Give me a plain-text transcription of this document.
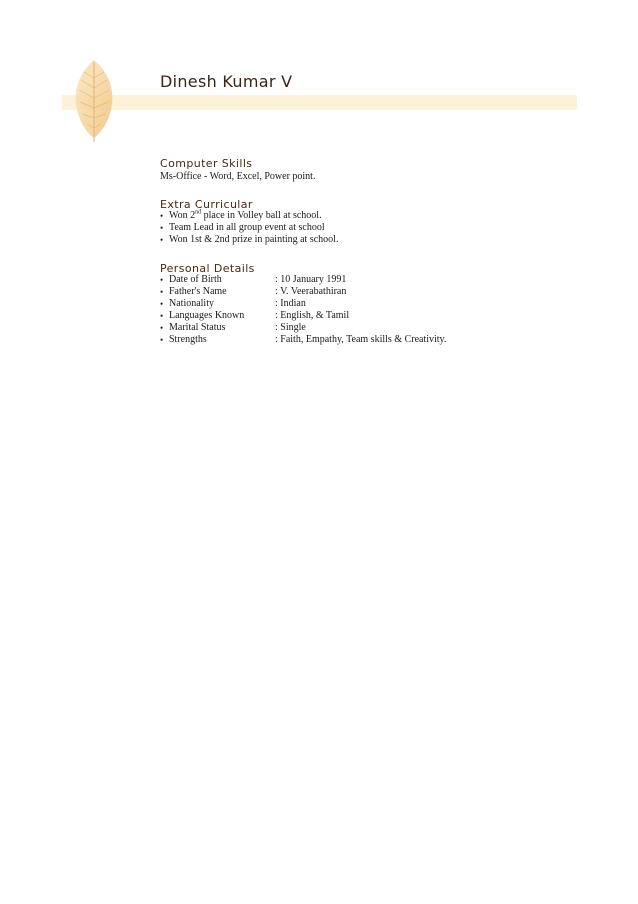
Dinesh Kumar V
Computer Skills
Ms-Office - Word, Excel, Power point.
Extra Curricular
• Won 2nd place in Volley ball at school.
• Team Lead in all group event at school
• Won 1st & 2nd prize in painting at school.
Personal Details
• Date of Birth	: 10 January 1991
• Father's Name	: V. Veerabathiran
• Nationality	: Indian
• Languages Known	: English, & Tamil
• Marital Status	: Single
• Strengths	: Faith, Empathy, Team skills & Creativity.
